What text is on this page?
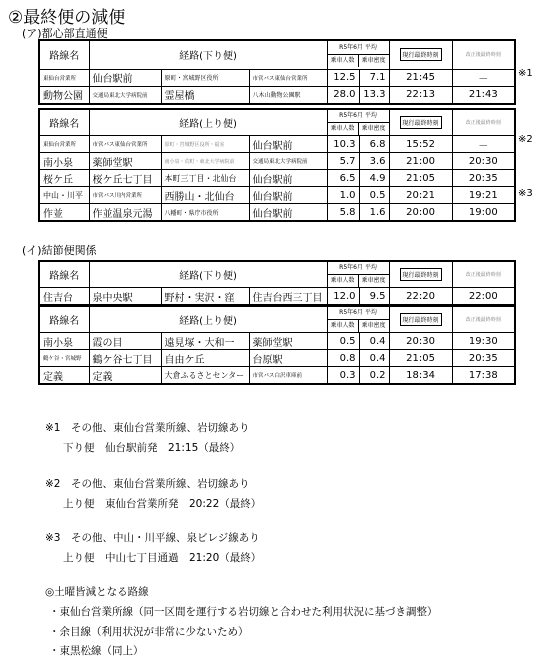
②最終便の減便
(ア)都心部直通便
路線名	経路(下り便)			R5年6月 平均
乗車人数 乗車密度		現行最終時刻	改正後最終時刻
東仙台営業所	仙台駅前	原町・宮城野区役所	市営バス東仙台営業所	12.5	7.1	21:45	－
動物公園	交通局東北大学病院前	霊屋橋	八木山動物公園駅	28.0	13.3	22:13	21:43
※1
路線名	経路(上り便)			R5年6月 平均
乗車人数 乗車密度		現行最終時刻	改正後最終時刻
東仙台営業所	市営バス東仙台営業所	原町・宮城野区役所・福室	仙台駅前	10.3	6.8	15:52	－
南小泉	薬師堂駅	南小泉・荒町・東北大学病院前	交通局東北大学病院前	5.7	3.6	21:00	20:30
桜ケ丘	桜ケ丘七丁目	本町三丁目・北仙台	仙台駅前	6.5	4.9	21:05	20:35
中山・川平	市営バス川内営業所	西勝山・北仙台	仙台駅前	1.0	0.5	20:21	19:21
作並	作並温泉元湯	八幡町・県庁市役所	仙台駅前	5.8	1.6	20:00	19:00
※2
※3
(イ)結節便関係
路線名	経路(下り便)			R5年6月 平均
乗車人数 乗車密度		現行最終時刻	改正後最終時刻
住吉台	泉中央駅	野村・実沢・窪	住吉台西三丁目	12.0	9.5	22:20	22:00
路線名	経路(上り便)			R5年6月 平均
乗車人数 乗車密度		現行最終時刻	改正後最終時刻
南小泉	霞の目	遠見塚・大和一	薬師堂駅	0.5	0.4	20:30	19:30
鶴ケ谷・宮城野	鶴ケ谷七丁目	自由ケ丘	台原駅	0.8	0.4	21:05	20:35
定義	定義	大倉ふるさとセンター	市営バス白沢車庫前	0.3	0.2	18:34	17:38
※1　その他、東仙台営業所線、岩切線あり
下り便　仙台駅前発　21:15（最終）
※2　その他、東仙台営業所線、岩切線あり
上り便　東仙台営業所発　20:22（最終）
※3　その他、中山・川平線、泉ビレジ線あり
上り便　中山七丁目通過　21:20（最終）
◎土曜皆減となる路線
・東仙台営業所線（同一区間を運行する岩切線と合わせた利用状況に基づき調整）
・余目線（利用状況が非常に少ないため）
・東黒松線（同上）
